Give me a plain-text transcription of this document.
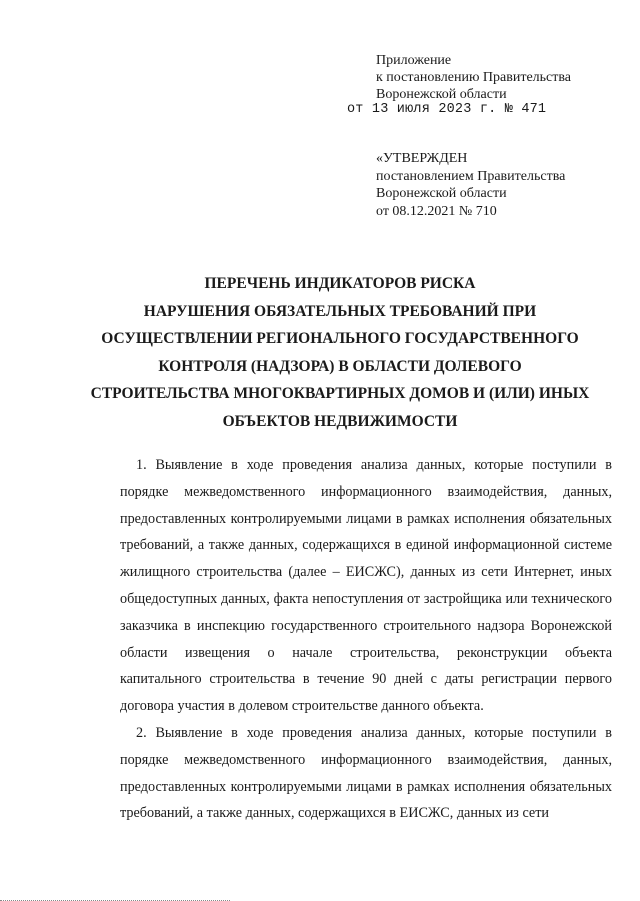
Приложение
к постановлению Правительства
Воронежской области
от 13 июля 2023 г. № 471
«УТВЕРЖДЕН
постановлением Правительства
Воронежской области
от 08.12.2021 № 710
ПЕРЕЧЕНЬ ИНДИКАТОРОВ РИСКА
НАРУШЕНИЯ ОБЯЗАТЕЛЬНЫХ ТРЕБОВАНИЙ ПРИ
ОСУЩЕСТВЛЕНИИ РЕГИОНАЛЬНОГО ГОСУДАРСТВЕННОГО
КОНТРОЛЯ (НАДЗОРА) В ОБЛАСТИ ДОЛЕВОГО
СТРОИТЕЛЬСТВА МНОГОКВАРТИРНЫХ ДОМОВ И (ИЛИ) ИНЫХ
ОБЪЕКТОВ НЕДВИЖИМОСТИ

1. Выявление в ходе проведения анализа данных, которые поступили в порядке межведомственного информационного взаимодействия, данных, предоставленных контролируемыми лицами в рамках исполнения обязательных требований, а также данных, содержащихся в единой информационной системе жилищного строительства (далее – ЕИСЖС), данных из сети Интернет, иных общедоступных данных, факта непоступления от застройщика или технического заказчика в инспекцию государственного строительного надзора Воронежской области извещения о начале строительства, реконструкции объекта капитального строительства в течение 90 дней с даты регистрации первого договора участия в долевом строительстве данного объекта.

2. Выявление в ходе проведения анализа данных, которые поступили в порядке межведомственного информационного взаимодействия, данных, предоставленных контролируемыми лицами в рамках исполнения обязательных требований, а также данных, содержащихся в ЕИСЖС, данных из сети
